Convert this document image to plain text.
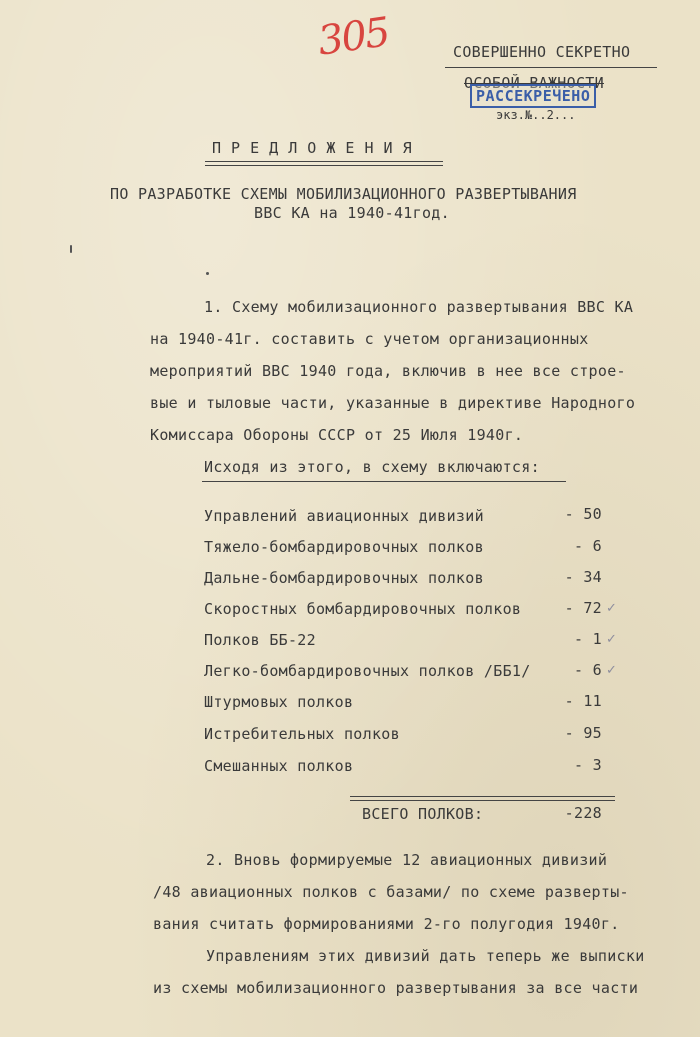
305	СОВЕРШЕННО СЕКРЕТНО
ОСОБОЙ ВАЖНОСТИ
экз.№..2...
РАССЕКРЕЧЕНО
П Р Е Д Л О Ж Е Н И Я
ПО РАЗРАБОТКЕ СХЕМЫ МОБИЛИЗАЦИОННОГО РАЗВЕРТЫВАНИЯ
ВВС КА на 1940-41год.
1. Схему мобилизационного развертывания ВВС КА
на 1940-41г. составить с учетом организационных
мероприятий ВВС 1940 года, включив в нее все строе-
вые и тыловые части, указанные в директиве Народного
Комиссара Обороны СССР от 25 Июля 1940г.
Исходя из этого, в схему включаются:
Управлений авиационных дивизий	- 50
Тяжело-бомбардировочных полков	- 6
Дальне-бомбардировочных полков	- 34
Скоростных бомбардировочных полков	- 72 ✓
Полков ББ-22	- 1 ✓
Легко-бомбардировочных полков /ББ1/	- 6 ✓
Штурмовых полков	- 11
Истребительных полков	- 95
Смешанных полков	- 3
ВСЕГО ПОЛКОВ:	-228
2. Вновь формируемые 12 авиационных дивизий
/48 авиационных полков с базами/ по схеме разверты-
вания считать формированиями 2-го полугодия 1940г.
Управлениям этих дивизий дать теперь же выписки
из схемы мобилизационного развертывания за все части
